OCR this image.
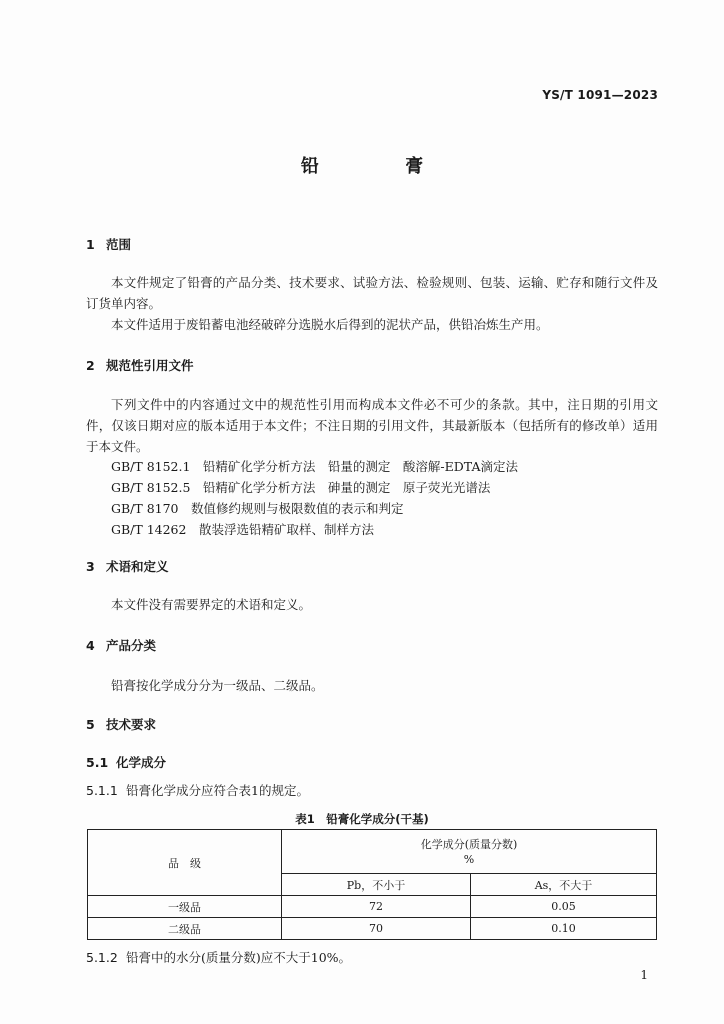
YS/T 1091—2023
铅 膏
1 范围
本文件规定了铅膏的产品分类、技术要求、试验方法、检验规则、包装、运输、贮存和随行文件及订货单内容。
本文件适用于废铅蓄电池经破碎分选脱水后得到的泥状产品，供铅冶炼生产用。
2 规范性引用文件
下列文件中的内容通过文中的规范性引用而构成本文件必不可少的条款。其中，注日期的引用文件，仅该日期对应的版本适用于本文件；不注日期的引用文件，其最新版本（包括所有的修改单）适用于本文件。
GB/T 8152.1　铅精矿化学分析方法　铅量的测定　酸溶解-EDTA滴定法
GB/T 8152.5　铅精矿化学分析方法　砷量的测定　原子荧光光谱法
GB/T 8170　数值修约规则与极限数值的表示和判定
GB/T 14262　散装浮选铅精矿取样、制样方法
3 术语和定义
本文件没有需要界定的术语和定义。
4 产品分类
铅膏按化学成分分为一级品、二级品。
5 技术要求
5.1 化学成分
5.1.1 铅膏化学成分应符合表1的规定。
表1　铅膏化学成分(干基)
品　级	化学成分(质量分数)
%	

	Pb，不小于	As，不大于
一级品	72	0.05
二级品	70	0.10
5.1.2 铅膏中的水分(质量分数)应不大于10%。
1
